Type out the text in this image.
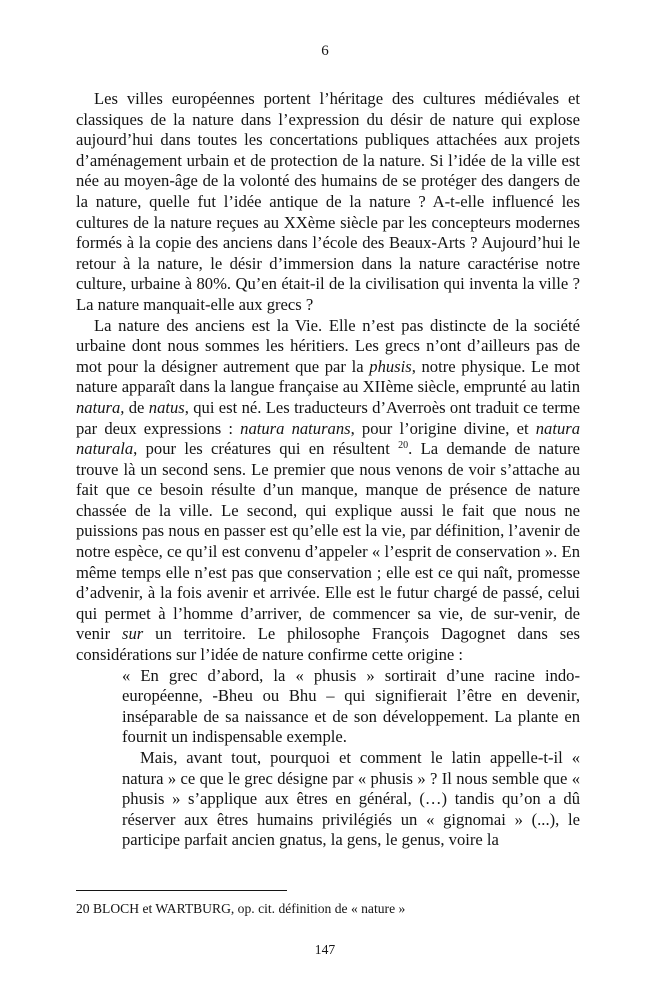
6

Les villes européennes portent l’héritage des cultures médiévales et classiques de la nature dans l’expression du désir de nature qui explose aujourd’hui dans toutes les concertations publiques attachées aux projets d’aménagement urbain et de protection de la nature. Si l’idée de la ville est née au moyen-âge de la volonté des humains de se protéger des dangers de la nature, quelle fut l’idée antique de la nature ? A-t-elle influencé les cultures de la nature reçues au XXème siècle par les concepteurs modernes formés à la copie des anciens dans l’école des Beaux-Arts ? Aujourd’hui le retour à la nature, le désir d’immersion dans la nature caractérise notre culture, urbaine à 80%. Qu’en était-il de la civilisation qui inventa la ville ? La nature manquait-elle aux grecs ?

La nature des anciens est la Vie. Elle n’est pas distincte de la société urbaine dont nous sommes les héritiers. Les grecs n’ont d’ailleurs pas de mot pour la désigner autrement que par la phusis, notre physique. Le mot nature apparaît dans la langue française au XIIème siècle, emprunté au latin natura, de natus, qui est né. Les traducteurs d’Averroès ont traduit ce terme par deux expressions : natura naturans, pour l’origine divine, et natura naturala, pour les créatures qui en résultent $^{20}$. La demande de nature trouve là un second sens. Le premier que nous venons de voir s’attache au fait que ce besoin résulte d’un manque, manque de présence de nature chassée de la ville. Le second, qui explique aussi le fait que nous ne puissions pas nous en passer est qu’elle est la vie, par définition, l’avenir de notre espèce, ce qu’il est convenu d’appeler « l’esprit de conservation ». En même temps elle n’est pas que conservation ; elle est ce qui naît, promesse d’advenir, à la fois avenir et arrivée. Elle est le futur chargé de passé, celui qui permet à l’homme d’arriver, de commencer sa vie, de sur-venir, de venir sur un territoire. Le philosophe François Dagognet dans ses considérations sur l’idée de nature confirme cette origine :

« En grec d’abord, la « phusis » sortirait d’une racine indo-européenne, -Bheu ou Bhu – qui signifierait l’être en devenir, inséparable de sa naissance et de son développement. La plante en fournit un indispensable exemple.

Mais, avant tout, pourquoi et comment le latin appelle-t-il « natura » ce que le grec désigne par « phusis » ? Il nous semble que « phusis » s’applique aux êtres en général, (…) tandis qu’on a dû réserver aux êtres humains privilégiés un « gignomai » (...), le participe parfait ancien gnatus, la gens, le genus, voire la

20 BLOCH et WARTBURG, op. cit. définition de « nature »
147
